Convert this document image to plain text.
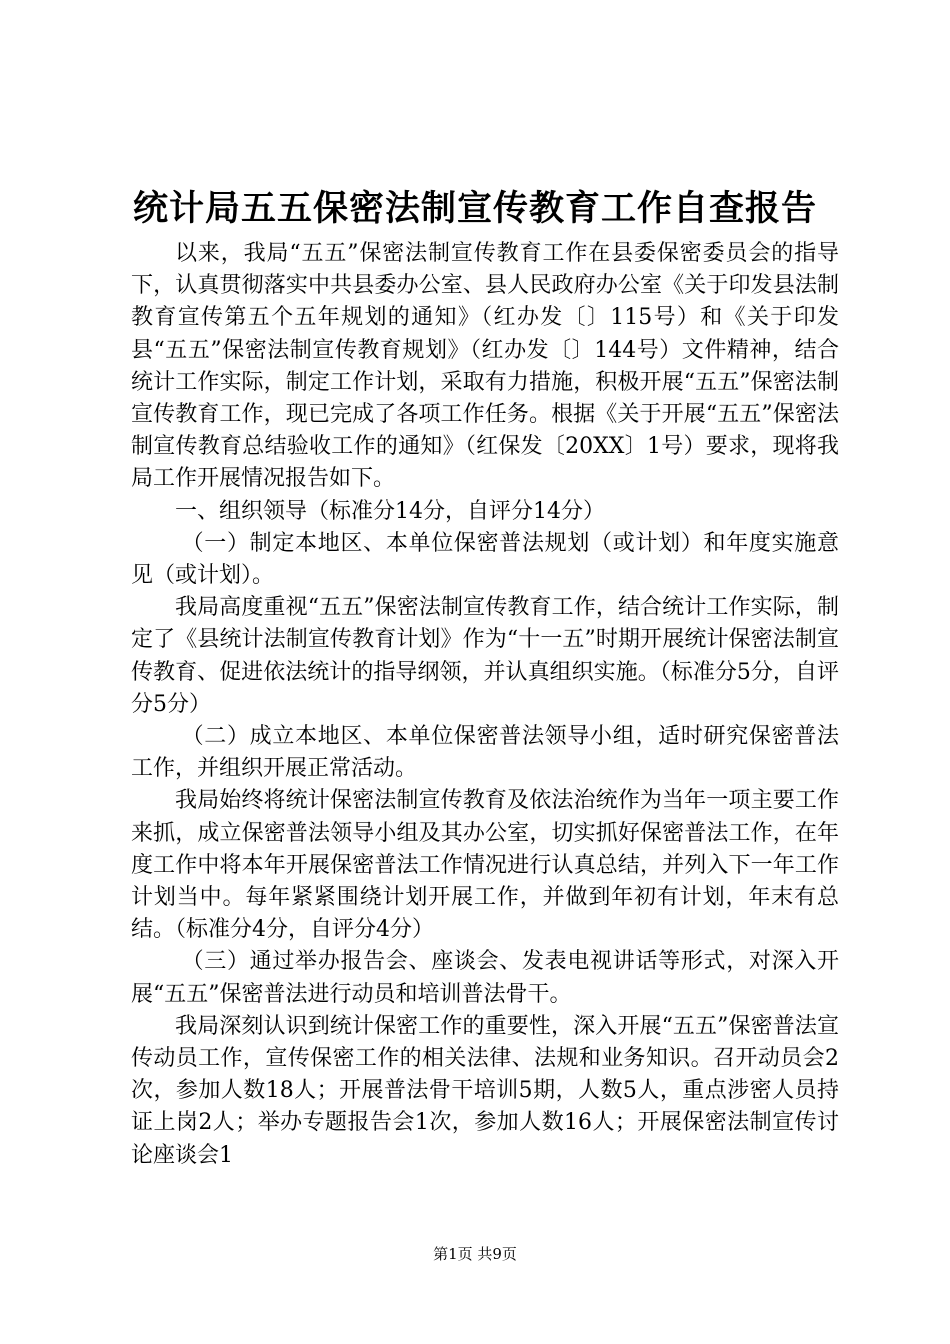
统计局五五保密法制宣传教育工作自查报告

以来，我局“五五”保密法制宣传教育工作在县委保密委员会的指导下，认真贯彻落实中共县委办公室、县人民政府办公室《关于印发县法制教育宣传第五个五年规划的通知》（红办发〔〕115号）和《关于印发县“五五”保密法制宣传教育规划》（红办发〔〕144号）文件精神，结合统计工作实际，制定工作计划，采取有力措施，积极开展“五五”保密法制宣传教育工作，现已完成了各项工作任务。根据《关于开展“五五”保密法制宣传教育总结验收工作的通知》（红保发〔20XX〕1号）要求，现将我局工作开展情况报告如下。

一、组织领导（标准分14分，自评分14分）

（一）制定本地区、本单位保密普法规划（或计划）和年度实施意见（或计划）。

我局高度重视“五五”保密法制宣传教育工作，结合统计工作实际，制定了《县统计法制宣传教育计划》作为“十一五”时期开展统计保密法制宣传教育、促进依法统计的指导纲领，并认真组织实施。（标准分5分，自评分5分）

（二）成立本地区、本单位保密普法领导小组，适时研究保密普法工作，并组织开展正常活动。

我局始终将统计保密法制宣传教育及依法治统作为当年一项主要工作来抓，成立保密普法领导小组及其办公室，切实抓好保密普法工作，在年度工作中将本年开展保密普法工作情况进行认真总结，并列入下一年工作计划当中。每年紧紧围绕计划开展工作，并做到年初有计划，年末有总结。（标准分4分，自评分4分）

（三）通过举办报告会、座谈会、发表电视讲话等形式，对深入开展“五五”保密普法进行动员和培训普法骨干。

我局深刻认识到统计保密工作的重要性，深入开展“五五”保密普法宣传动员工作，宣传保密工作的相关法律、法规和业务知识。召开动员会2次，参加人数18人；开展普法骨干培训5期，人数5人，重点涉密人员持证上岗2人；举办专题报告会1次，参加人数16人；开展保密法制宣传讨论座谈会1

第1页 共9页
